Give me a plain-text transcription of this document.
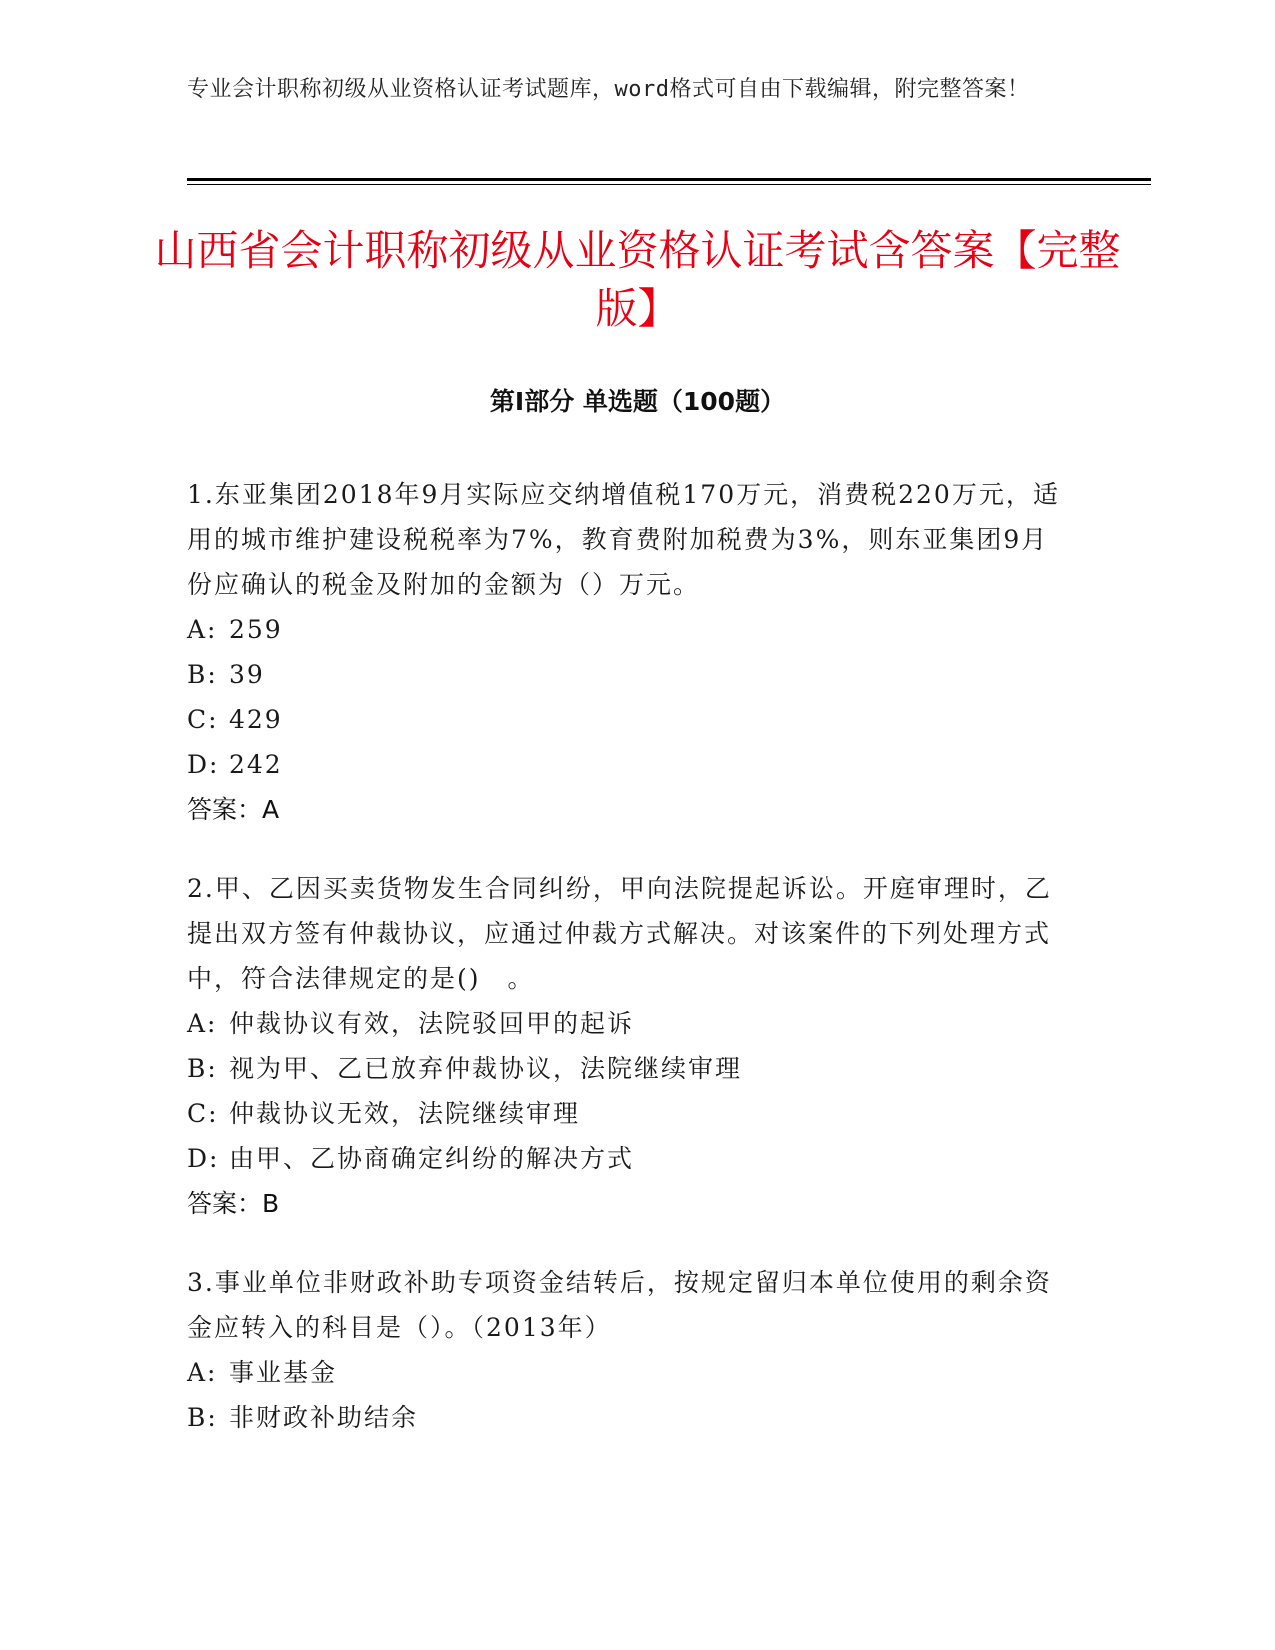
专业会计职称初级从业资格认证考试题库，word格式可自由下载编辑，附完整答案！
山西省会计职称初级从业资格认证考试含答案【完整版】
第Ⅰ部分 单选题（100题）

1.东亚集团2018年9月实际应交纳增值税170万元，消费税220万元，适用的城市维护建设税税率为7%，教育费附加税费为3%，则东亚集团9月份应确认的税金及附加的金额为（）万元。

A: 259

B: 39

C: 429

D: 242

答案：A

2.甲、乙因买卖货物发生合同纠纷，甲向法院提起诉讼。开庭审理时，乙提出双方签有仲裁协议，应通过仲裁方式解决。对该案件的下列处理方式中，符合法律规定的是()　。

A: 仲裁协议有效，法院驳回甲的起诉

B: 视为甲、乙已放弃仲裁协议，法院继续审理

C: 仲裁协议无效，法院继续审理

D: 由甲、乙协商确定纠纷的解决方式

答案：B

3.事业单位非财政补助专项资金结转后，按规定留归本单位使用的剩余资金应转入的科目是（）。（2013年）

A: 事业基金

B: 非财政补助结余
